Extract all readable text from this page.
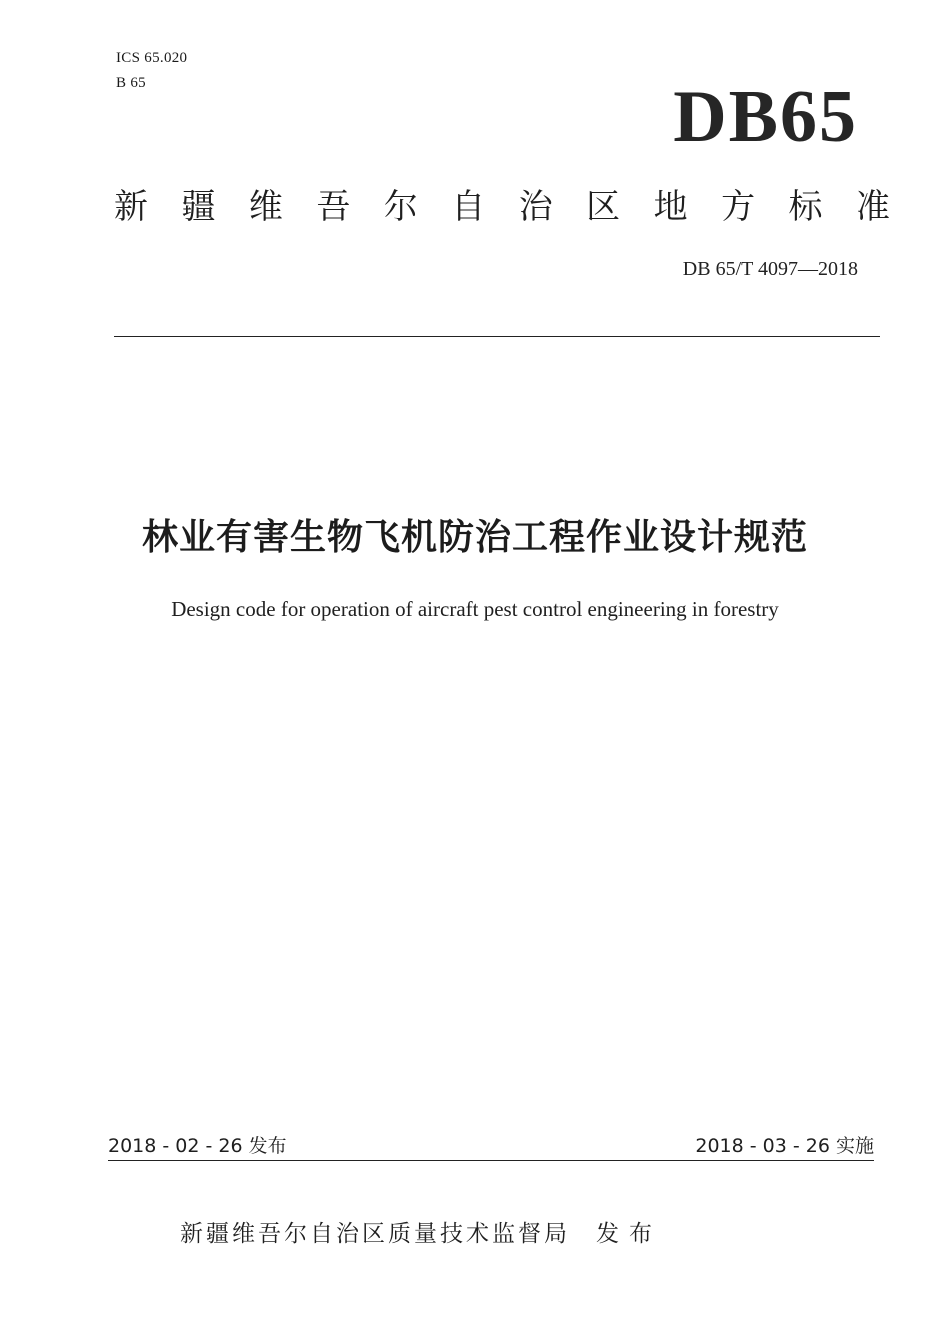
ICS 65.020
B 65	DB65
新 疆 维 吾 尔 自 治 区 地 方 标 准
DB 65/T 4097—2018
林业有害生物飞机防治工程作业设计规范
Design code for operation of aircraft pest control engineering in forestry
2018 - 02 - 26 发布	2018 - 03 - 26 实施
新疆维吾尔自治区质量技术监督局 发布
